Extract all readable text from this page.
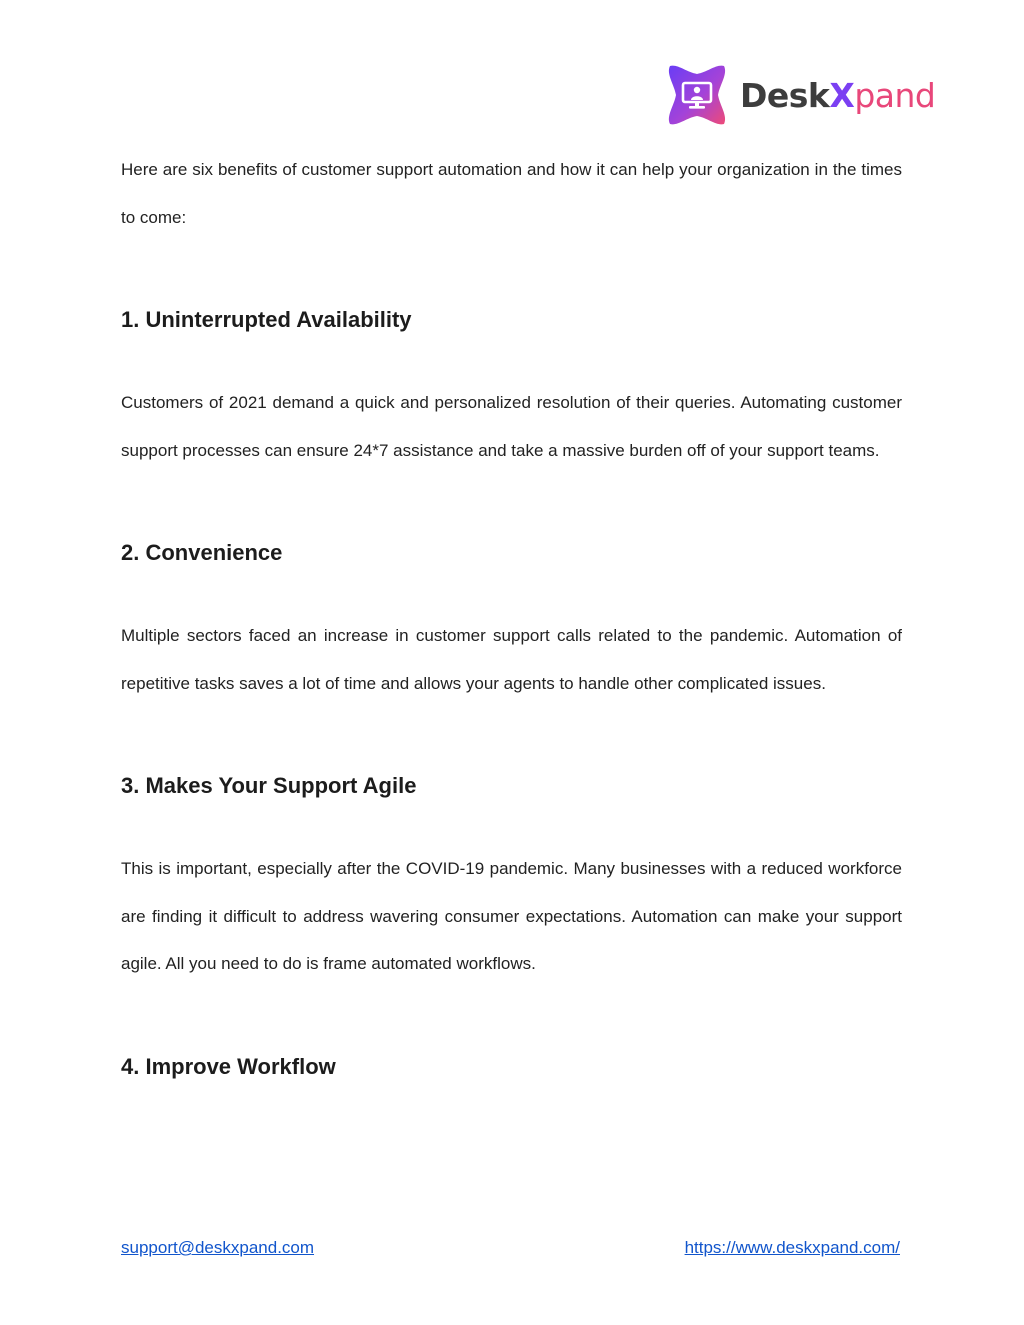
DeskXpand

Here are six benefits of customer support automation and how it can help your organization in the times to come:

1. Uninterrupted Availability

Customers of 2021 demand a quick and personalized resolution of their queries. Automating customer support processes can ensure 24*7 assistance and take a massive burden off of your support teams.

2. Convenience

Multiple sectors faced an increase in customer support calls related to the pandemic. Automation of repetitive tasks saves a lot of time and allows your agents to handle other complicated issues.

3. Makes Your Support Agile

This is important, especially after the COVID-19 pandemic. Many businesses with a reduced workforce are finding it difficult to address wavering consumer expectations. Automation can make your support agile. All you need to do is frame automated workflows.

4. Improve Workflow
support@deskxpand.com	https://www.deskxpand.com/
